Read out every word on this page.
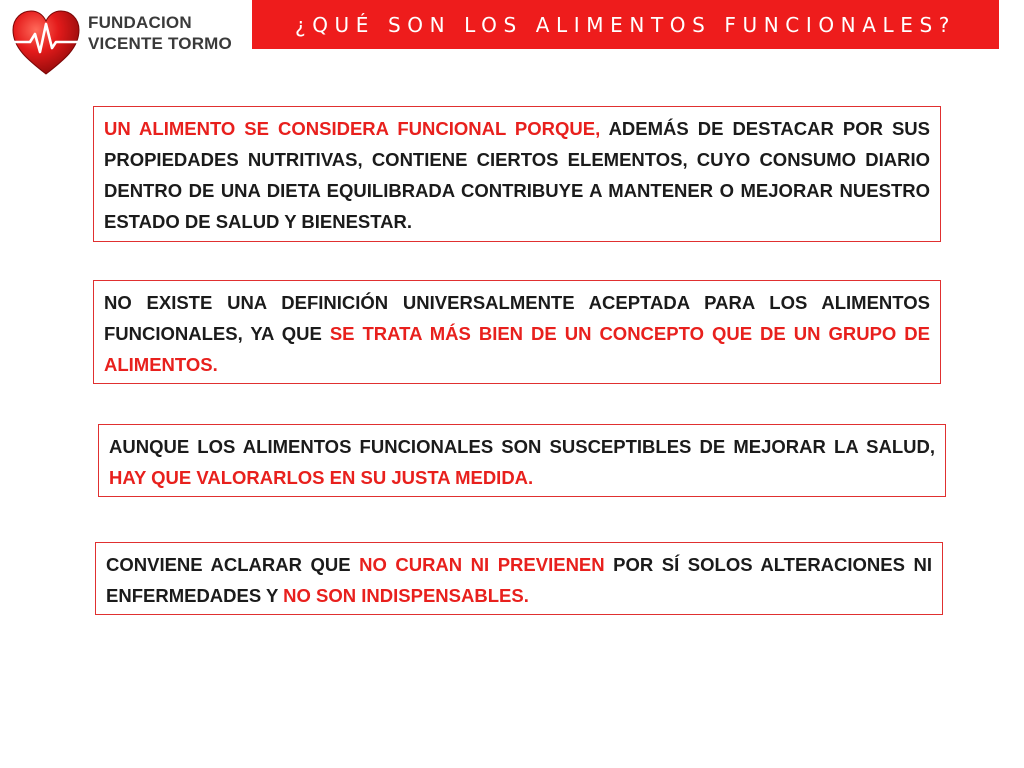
FUNDACION
VICENTE TORMO
¿QUÉ SON LOS ALIMENTOS FUNCIONALES?
UN ALIMENTO SE CONSIDERA FUNCIONAL PORQUE, ADEMÁS DE DESTACAR POR SUS PROPIEDADES NUTRITIVAS, CONTIENE CIERTOS ELEMENTOS, CUYO CONSUMO DIARIO DENTRO DE UNA DIETA EQUILIBRADA CONTRIBUYE A MANTENER O MEJORAR NUESTRO ESTADO DE SALUD Y BIENESTAR.
NO EXISTE UNA DEFINICIÓN UNIVERSALMENTE ACEPTADA PARA LOS ALIMENTOS FUNCIONALES, YA QUE SE TRATA MÁS BIEN DE UN CONCEPTO QUE DE UN GRUPO DE ALIMENTOS.
AUNQUE LOS ALIMENTOS FUNCIONALES SON SUSCEPTIBLES DE MEJORAR LA SALUD, HAY QUE VALORARLOS EN SU JUSTA MEDIDA.
CONVIENE ACLARAR QUE NO CURAN NI PREVIENEN POR SÍ SOLOS ALTERACIONES NI ENFERMEDADES Y NO SON INDISPENSABLES.
